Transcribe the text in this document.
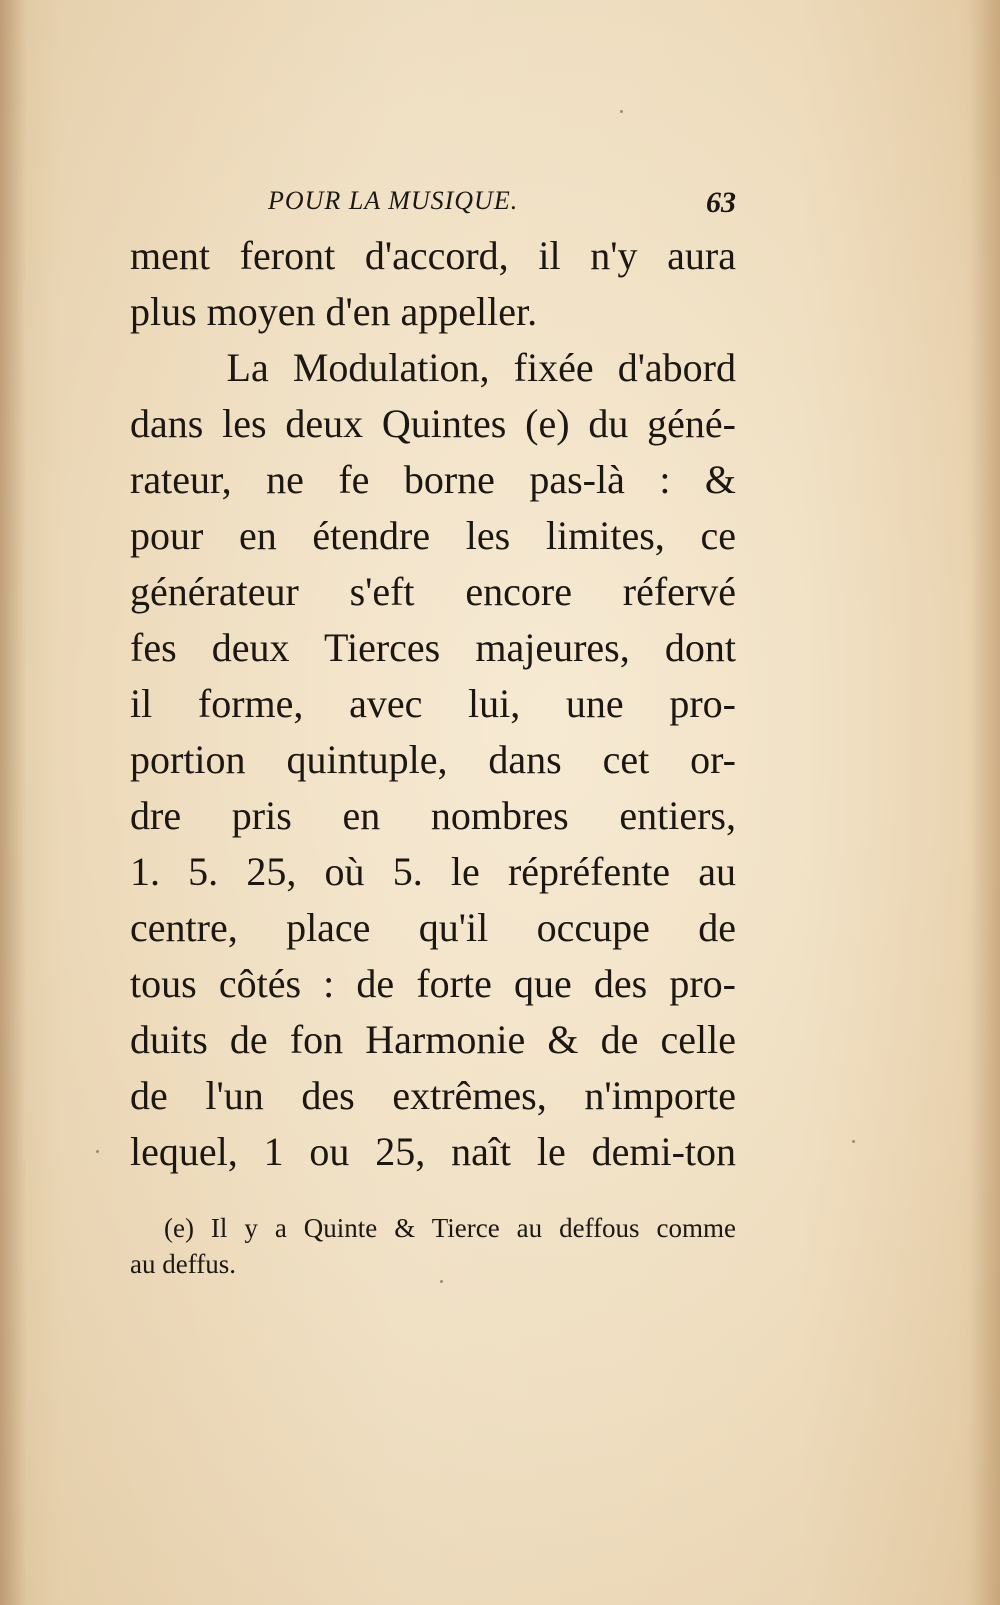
POUR LA MUSIQUE.	63
ment feront d'accord, il n'y aura
plus moyen d'en appeller.
La Modulation, fixée d'abord
dans les deux Quintes (e) du géné-
rateur, ne fe borne pas-là : &
pour en étendre les limites, ce
générateur s'eft encore réfervé
fes deux Tierces majeures, dont
il forme, avec lui, une pro-
portion quintuple, dans cet or-
dre pris en nombres entiers,
1. 5. 25, où 5. le répréfente au
centre, place qu'il occupe de
tous côtés : de forte que des pro-
duits de fon Harmonie & de celle
de l'un des extrêmes, n'importe
lequel, 1 ou 25, naît le demi-ton
(e) Il y a Quinte & Tierce au deffous comme
au deffus.
